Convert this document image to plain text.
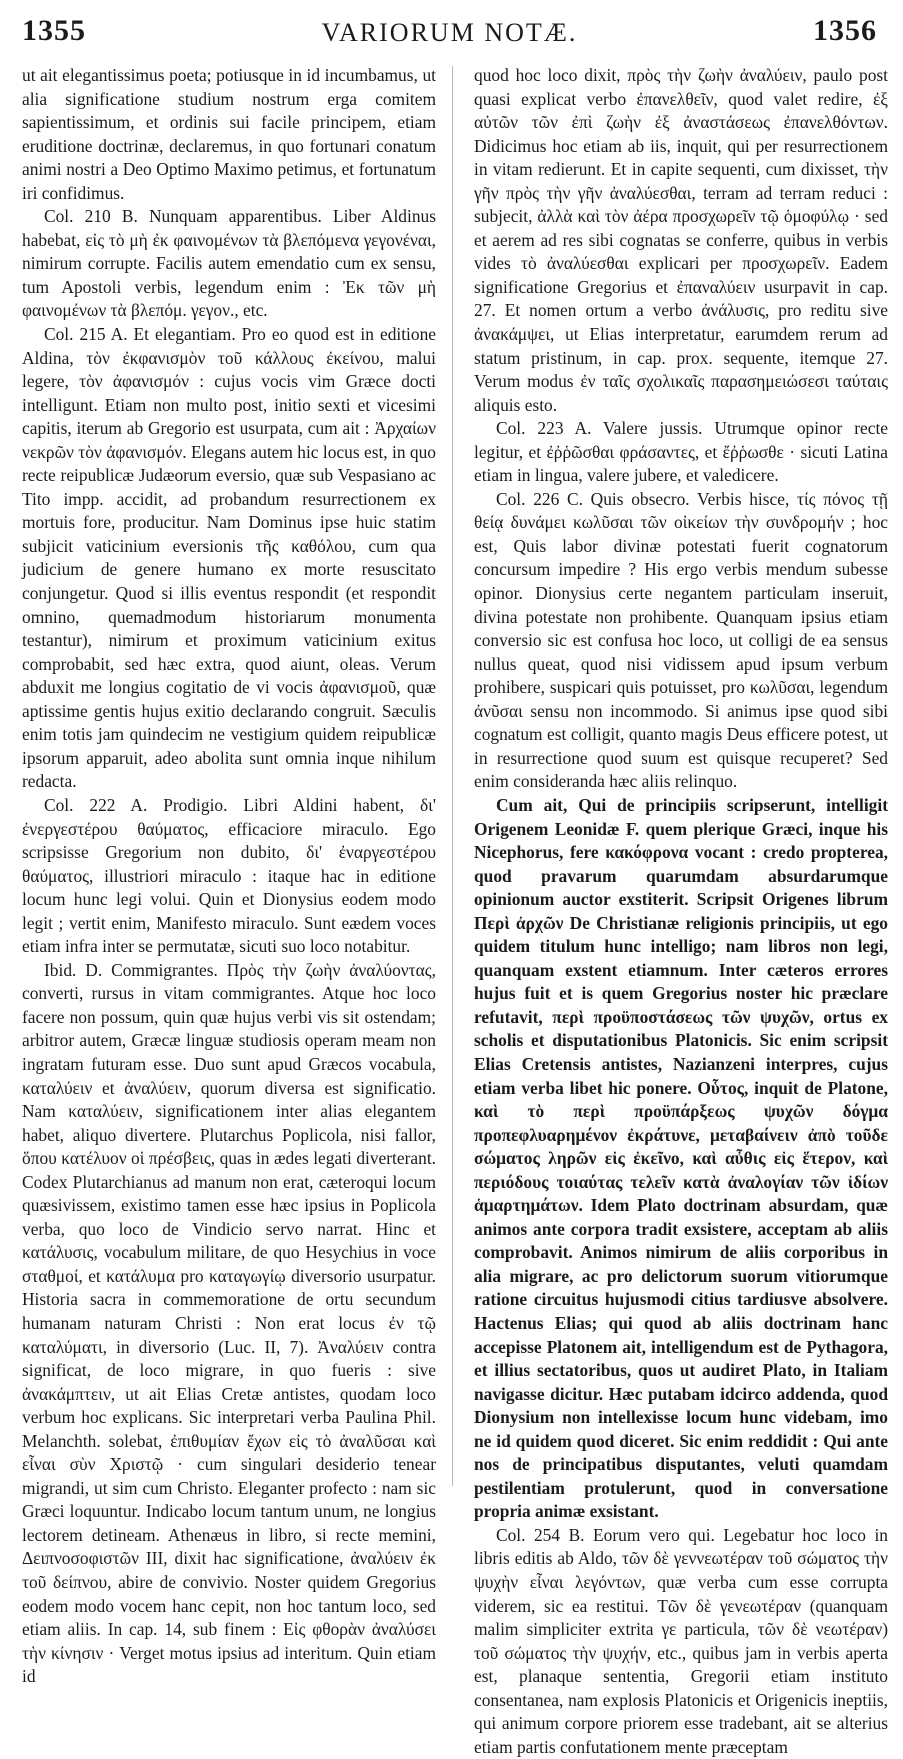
1355	VARIORUM NOTÆ.	1356

ut ait elegantissimus poeta; potiusque in id incumbamus, ut alia significatione studium nostrum erga comitem sapientissimum, et ordinis sui facile principem, etiam eruditione doctrinæ, declaremus, in quo fortunari conatum animi nostri a Deo Optimo Maximo petimus, et fortunatum iri confidimus.

Col. 210 B. Nunquam apparentibus. Liber Aldinus habebat, εἰς τὸ μὴ ἐκ φαινομένων τὰ βλεπόμενα γεγονέναι, nimirum corrupte. Facilis autem emendatio cum ex sensu, tum Apostoli verbis, legendum enim : Ἐκ τῶν μὴ φαινομένων τὰ βλεπόμ. γεγον., etc.

Col. 215 A. Et elegantiam. Pro eo quod est in editione Aldina, τὸν ἐκφανισμὸν τοῦ κάλλους ἐκείνου, malui legere, τὸν ἀφανισμόν : cujus vocis vim Græce docti intelligunt. Etiam non multo post, initio sexti et vicesimi capitis, iterum ab Gregorio est usurpata, cum ait : Ἀρχαίων νεκρῶν τὸν ἀφανισμόν. Elegans autem hic locus est, in quo recte reipublicæ Judæorum eversio, quæ sub Vespasiano ac Tito impp. accidit, ad probandum resurrectionem ex mortuis fore, producitur. Nam Dominus ipse huic statim subjicit vaticinium eversionis τῆς καθόλου, cum qua judicium de genere humano ex morte resuscitato conjungetur. Quod si illis eventus respondit (et respondit omnino, quemadmodum historiarum monumenta testantur), nimirum et proximum vaticinium exitus comprobabit, sed hæc extra, quod aiunt, oleas. Verum abduxit me longius cogitatio de vi vocis ἀφανισμοῦ, quæ aptissime gentis hujus exitio declarando congruit. Sæculis enim totis jam quindecim ne vestigium quidem reipublicæ ipsorum apparuit, adeo abolita sunt omnia inque nihilum redacta.

Col. 222 A. Prodigio. Libri Aldini habent, δι' ἐνεργεστέρου θαύματος, efficaciore miraculo. Ego scripsisse Gregorium non dubito, δι' ἐναργεστέρου θαύματος, illustriori miraculo : itaque hac in editione locum hunc legi volui. Quin et Dionysius eodem modo legit ; vertit enim, Manifesto miraculo. Sunt eædem voces etiam infra inter se permutatæ, sicuti suo loco notabitur.

Ibid. D. Commigrantes. Πρὸς τὴν ζωὴν ἀναλύοντας, converti, rursus in vitam commigrantes. Atque hoc loco facere non possum, quin quæ hujus verbi vis sit ostendam; arbitror autem, Græcæ linguæ studiosis operam meam non ingratam futuram esse. Duo sunt apud Græcos vocabula, καταλύειν et ἀναλύειν, quorum diversa est significatio. Nam καταλύειν, significationem inter alias elegantem habet, aliquo divertere. Plutarchus Poplicola, nisi fallor, ὅπου κατέλυον οἱ πρέσβεις, quas in ædes legati diverterant. Codex Plutarchianus ad manum non erat, cæteroqui locum quæsivissem, existimo tamen esse hæc ipsius in Poplicola verba, quo loco de Vindicio servo narrat. Hinc et κατάλυσις, vocabulum militare, de quo Hesychius in voce σταθμοί, et κατάλυμα pro καταγωγίῳ diversorio usurpatur. Historia sacra in commemoratione de ortu secundum humanam naturam Christi : Non erat locus ἐν τῷ καταλύματι, in diversorio (Luc. II, 7). Ἀναλύειν contra significat, de loco migrare, in quo fueris : sive ἀνακάμπτειν, ut ait Elias Cretæ antistes, quodam loco verbum hoc explicans. Sic interpretari verba Paulina Phil. Melanchth. solebat, ἐπιθυμίαν ἔχων εἰς τὸ ἀναλῦσαι καὶ εἶναι σὺν Χριστῷ · cum singulari desiderio tenear migrandi, ut sim cum Christo. Eleganter profecto : nam sic Græci loquuntur. Indicabo locum tantum unum, ne longius lectorem detineam. Athenæus in libro, si recte memini, Δειπνοσοφιστῶν III, dixit hac significatione, ἀναλύειν ἐκ τοῦ δείπνου, abire de convivio. Noster quidem Gregorius eodem modo vocem hanc cepit, non hoc tantum loco, sed etiam aliis. In cap. 14, sub finem : Εἰς φθορὰν ἀναλύσει τὴν κίνησιν · Verget motus ipsius ad interitum. Quin etiam id

quod hoc loco dixit, πρὸς τὴν ζωὴν ἀναλύειν, paulo post quasi explicat verbo ἐπανελθεῖν, quod valet redire, ἐξ αὐτῶν τῶν ἐπὶ ζωὴν ἐξ ἀναστάσεως ἐπανελθόντων. Didicimus hoc etiam ab iis, inquit, qui per resurrectionem in vitam redierunt. Et in capite sequenti, cum dixisset, τὴν γῆν πρὸς τὴν γῆν ἀναλύεσθαι, terram ad terram reduci : subjecit, ἀλλὰ καὶ τὸν ἀέρα προσχωρεῖν τῷ ὁμοφύλῳ · sed et aerem ad res sibi cognatas se conferre, quibus in verbis vides τὸ ἀναλύεσθαι explicari per προσχωρεῖν. Eadem significatione Gregorius et ἐπαναλύειν usurpavit in cap. 27. Et nomen ortum a verbo ἀνάλυσις, pro reditu sive ἀνακάμψει, ut Elias interpretatur, earumdem rerum ad statum pristinum, in cap. prox. sequente, itemque 27. Verum modus ἐν ταῖς σχολικαῖς παρασημειώσεσι ταύταις aliquis esto.

Col. 223 A. Valere jussis. Utrumque opinor recte legitur, et ἐῤῥῶσθαι φράσαντες, et ἔῤῥωσθε · sicuti Latina etiam in lingua, valere jubere, et valedicere.

Col. 226 C. Quis obsecro. Verbis hisce, τίς πόνος τῇ θείᾳ δυνάμει κωλῦσαι τῶν οἰκείων τὴν συνδρομήν ; hoc est, Quis labor divinæ potestati fuerit cognatorum concursum impedire ? His ergo verbis mendum subesse opinor. Dionysius certe negantem particulam inseruit, divina potestate non prohibente. Quanquam ipsius etiam conversio sic est confusa hoc loco, ut colligi de ea sensus nullus queat, quod nisi vidissem apud ipsum verbum prohibere, suspicari quis potuisset, pro κωλῦσαι, legendum ἀνῦσαι sensu non incommodo. Si animus ipse quod sibi cognatum est colligit, quanto magis Deus efficere potest, ut in resurrectione quod suum est quisque recuperet? Sed enim consideranda hæc aliis relinquo.

Cum ait, Qui de principiis scripserunt, intelligit Origenem Leonidæ F. quem plerique Græci, inque his Nicephorus, fere κακόφρονα vocant : credo propterea, quod pravarum quarumdam absurdarumque opinionum auctor exstiterit. Scripsit Origenes librum Περὶ ἀρχῶν De Christianæ religionis principiis, ut ego quidem titulum hunc intelligo; nam libros non legi, quanquam exstent etiamnum. Inter cæteros errores hujus fuit et is quem Gregorius noster hic præclare refutavit, περὶ προϋποστάσεως τῶν ψυχῶν, ortus ex scholis et disputationibus Platonicis. Sic enim scripsit Elias Cretensis antistes, Nazianzeni interpres, cujus etiam verba libet hic ponere. Οὗτος, inquit de Platone, καὶ τὸ περὶ προϋπάρξεως ψυχῶν δόγμα προπεφλυαρημένον ἐκράτυνε, μεταβαίνειν ἀπὸ τοῦδε σώματος ληρῶν εἰς ἐκεῖνο, καὶ αὖθις εἰς ἕτερον, καὶ περιόδους τοιαύτας τελεῖν κατὰ ἀναλογίαν τῶν ἰδίων ἁμαρτημάτων. Idem Plato doctrinam absurdam, quæ animos ante corpora tradit exsistere, acceptam ab aliis comprobavit. Animos nimirum de aliis corporibus in alia migrare, ac pro delictorum suorum vitiorumque ratione circuitus hujusmodi citius tardiusve absolvere. Hactenus Elias; qui quod ab aliis doctrinam hanc accepisse Platonem ait, intelligendum est de Pythagora, et illius sectatoribus, quos ut audiret Plato, in Italiam navigasse dicitur. Hæc putabam idcirco addenda, quod Dionysium non intellexisse locum hunc videbam, imo ne id quidem quod diceret. Sic enim reddidit : Qui ante nos de principatibus disputantes, veluti quamdam pestilentiam protulerunt, quod in conversatione propria animæ exsistant.

Col. 254 B. Eorum vero qui. Legebatur hoc loco in libris editis ab Aldo, τῶν δὲ γεννεωτέραν τοῦ σώματος τὴν ψυχὴν εἶναι λεγόντων, quæ verba cum esse corrupta viderem, sic ea restitui. Τῶν δὲ γενεωτέραν (quanquam malim simpliciter extrita γε particula, τῶν δὲ νεωτέραν) τοῦ σώματος τὴν ψυχήν, etc., quibus jam in verbis aperta est, planaque sententia, Gregorii etiam instituto consentanea, nam explosis Platonicis et Origenicis ineptiis, qui animum corpore priorem esse tradebant, ait se alterius etiam partis confutationem mente præceptam
